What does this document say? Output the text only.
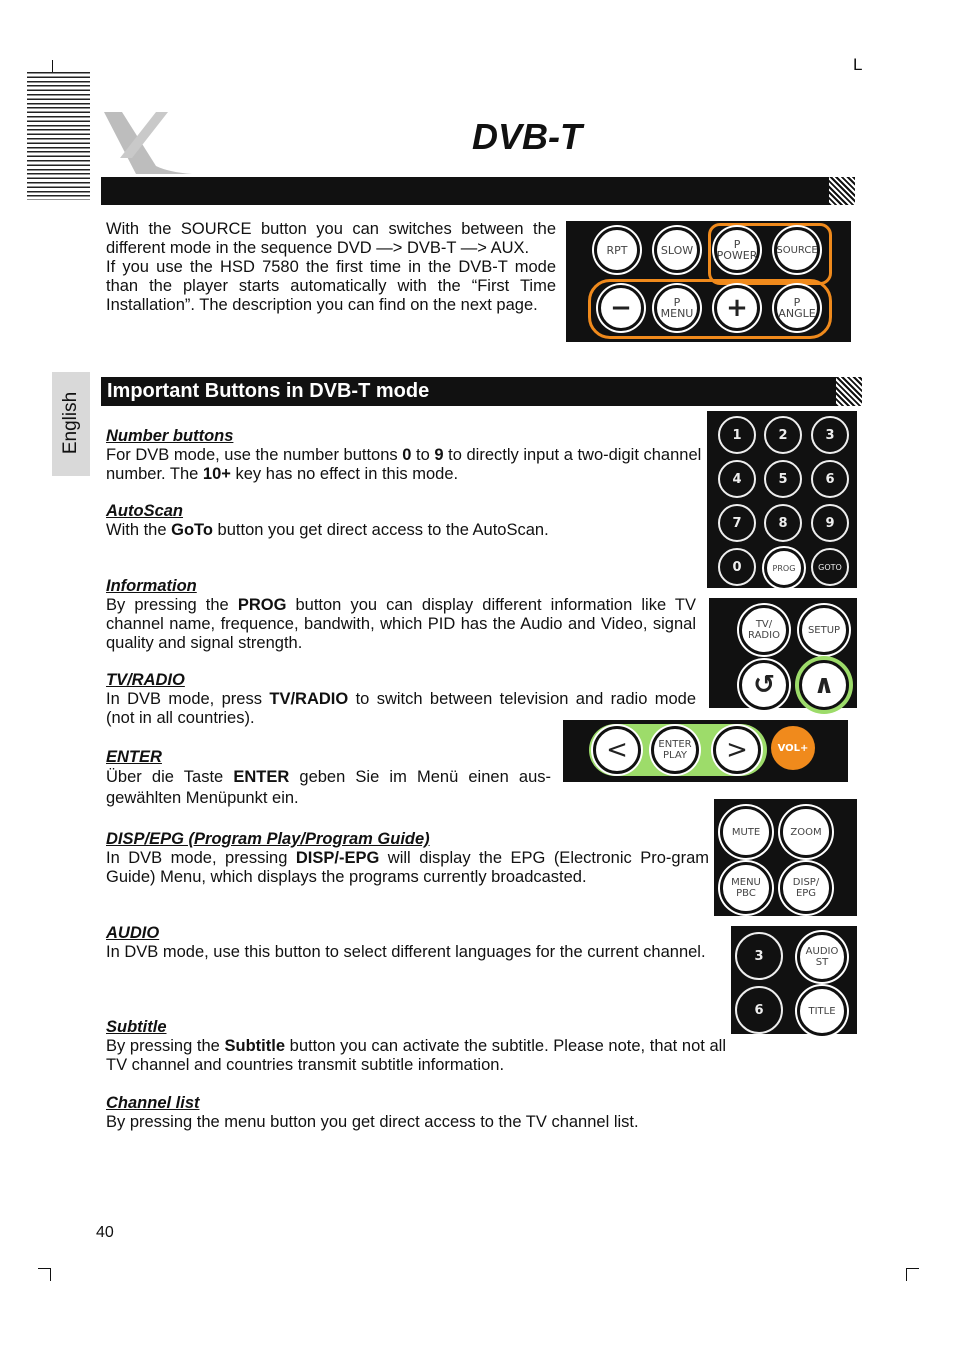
L
DVB-T

With the SOURCE button you can switches between the different mode in the sequence DVD —> DVB-T —> AUX.

If you use the HSD 7580 the first time in the DVB-T mode than the player starts automatically with the “First Time Installation”. The description you can find on the next page.

RPT	SLOW	P POWER SOURCE
−	P MENU	+	P ANGLE
English
Important Buttons in DVB-T mode
Number buttons

For DVB mode, use the number buttons 0 to 9 to directly input a two-digit channel number. The 10+ key has no effect in this mode.

AutoScan

With the GoTo button you get direct access to the AutoScan.

1	2	3
4	5	6
7	8	9
0	PROG	GOTO
Information

By pressing the PROG button you can display different information like TV channel name, frequence, bandwith, which PID has the Audio and Video, signal quality and signal strength.

TV/ RADIO	SETUP
↺	∧
TV/RADIO

In DVB mode, press TV/RADIO to switch between television and radio mode (not in all countries).

<	ENTER PLAY	>	VOL+
ENTER

Über die Taste ENTER geben Sie im Menü einen aus-gewählten Menüpunkt ein.

MUTE	ZOOM
MENU PBC
DISP/ EPG
DISP/EPG (Program Play/Program Guide)

In DVB mode, pressing DISP/-EPG will display the EPG (Electronic Pro-gram Guide) Menu, which displays the programs currently broadcasted.

3	AUDIO ST
6	TITLE
AUDIO

In DVB mode, use this button to select different languages for the current channel.

Subtitle

By pressing the Subtitle button you can activate the subtitle. Please note, that not all TV channel and countries transmit subtitle information.

Channel list

By pressing the menu button you get direct access to the TV channel list.

40
